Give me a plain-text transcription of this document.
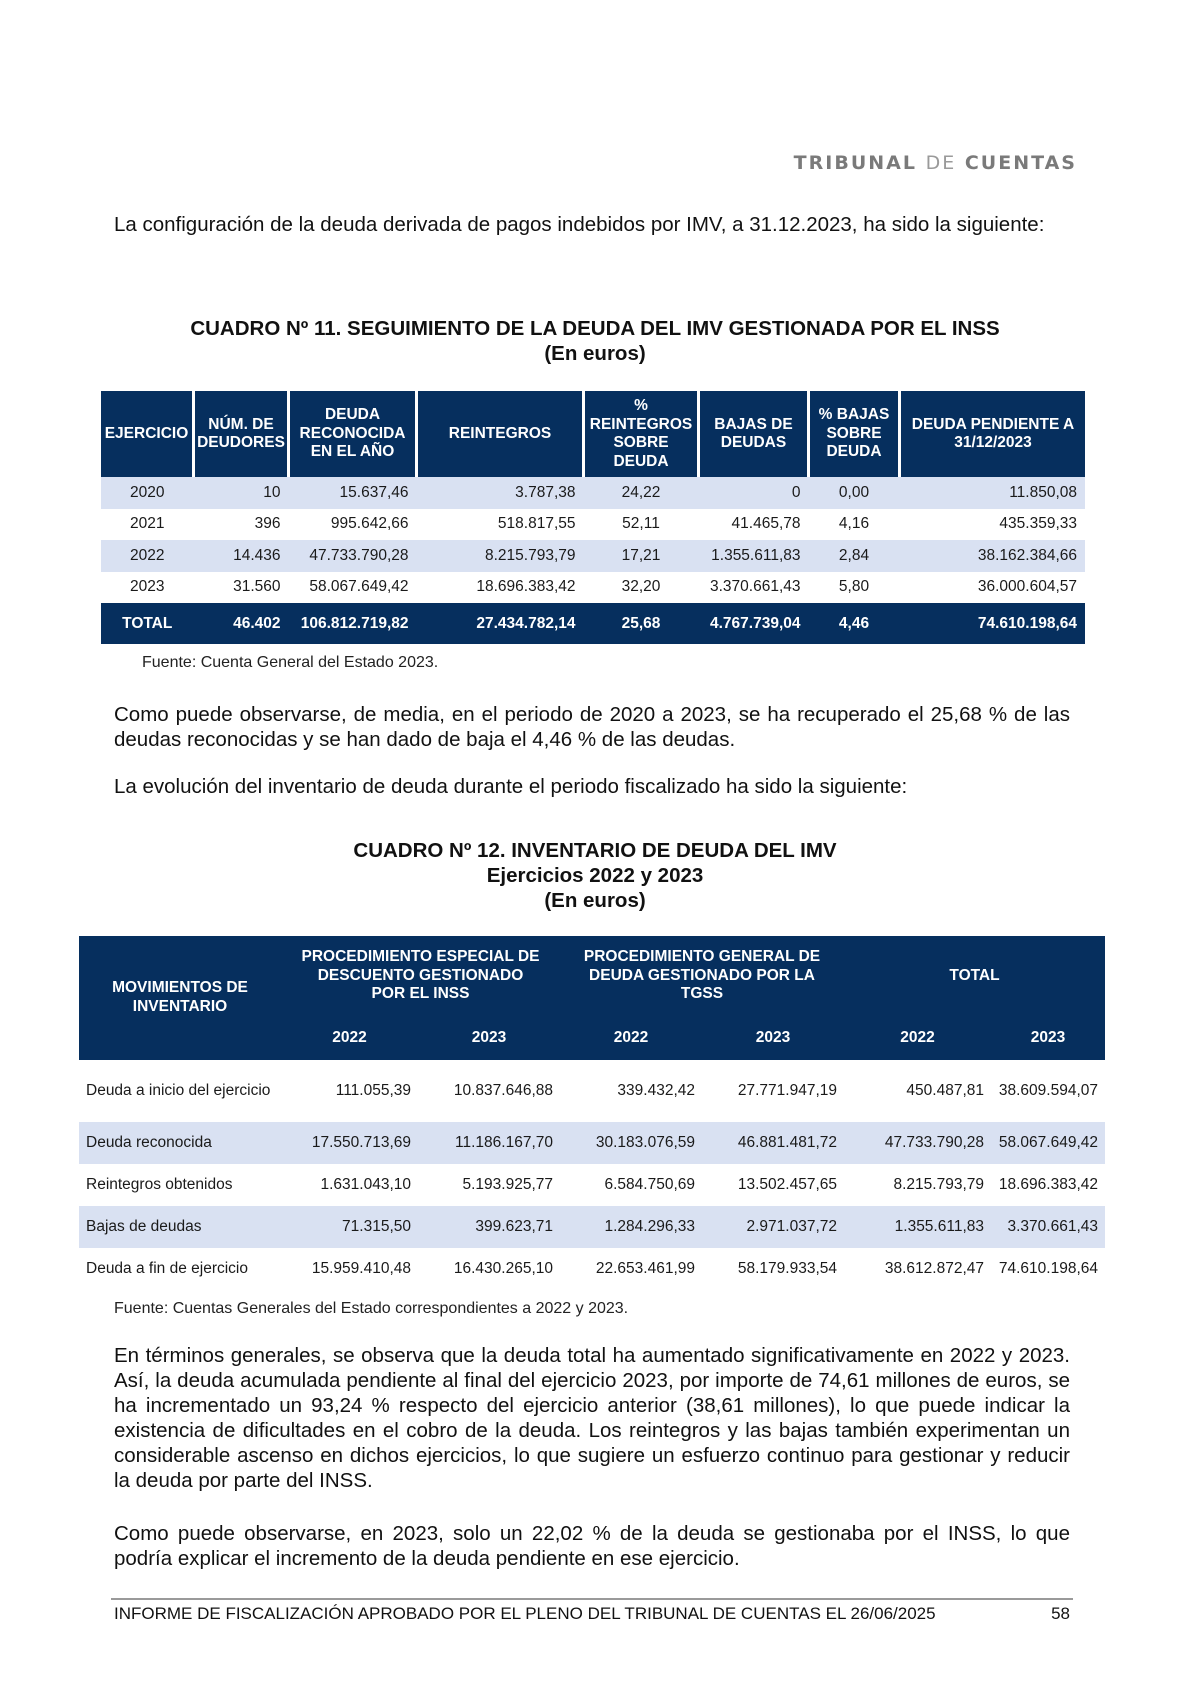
TRIBUNAL DE CUENTAS

La configuración de la deuda derivada de pagos indebidos por IMV, a 31.12.2023, ha sido la siguiente:

CUADRO Nº 11. SEGUIMIENTO DE LA DEUDA DEL IMV GESTIONADA POR EL INSS
(En euros)
EJERCICIO	NÚM. DE DEUDORES	DEUDA RECONOCIDA EN EL AÑO	REINTEGROS	% REINTEGROS SOBRE DEUDA	BAJAS DE DEUDAS	% BAJAS SOBRE DEUDA	DEUDA PENDIENTE A 31/12/2023
2020	10	15.637,46	3.787,38	24,22	0	0,00	11.850,08
2021	396	995.642,66	518.817,55	52,11	41.465,78	4,16	435.359,33
2022	14.436	47.733.790,28	8.215.793,79	17,21	1.355.611,83	2,84	38.162.384,66
2023	31.560	58.067.649,42	18.696.383,42	32,20	3.370.661,43	5,80	36.000.604,57
TOTAL	46.402	106.812.719,82	27.434.782,14	25,68	4.767.739,04	4,46	74.610.198,64
Fuente: Cuenta General del Estado 2023.

Como puede observarse, de media, en el periodo de 2020 a 2023, se ha recuperado el 25,68 % de las deudas reconocidas y se han dado de baja el 4,46 % de las deudas.

La evolución del inventario de deuda durante el periodo fiscalizado ha sido la siguiente:

CUADRO Nº 12. INVENTARIO DE DEUDA DEL IMV
Ejercicios 2022 y 2023
(En euros)
MOVIMIENTOS DE INVENTARIO	PROCEDIMIENTO ESPECIAL DE DESCUENTO GESTIONADO POR EL INSS		PROCEDIMIENTO GENERAL DE DEUDA GESTIONADO POR LA TGSS		TOTAL	
	2022	2023	2022	2023	2022	2023
Deuda a inicio del ejercicio	111.055,39	10.837.646,88	339.432,42	27.771.947,19	450.487,81	38.609.594,07
Deuda reconocida	17.550.713,69	11.186.167,70	30.183.076,59	46.881.481,72	47.733.790,28	58.067.649,42
Reintegros obtenidos	1.631.043,10	5.193.925,77	6.584.750,69	13.502.457,65	8.215.793,79	18.696.383,42
Bajas de deudas	71.315,50	399.623,71	1.284.296,33	2.971.037,72	1.355.611,83	3.370.661,43
Deuda a fin de ejercicio	15.959.410,48	16.430.265,10	22.653.461,99	58.179.933,54	38.612.872,47	74.610.198,64
Fuente: Cuentas Generales del Estado correspondientes a 2022 y 2023.

En términos generales, se observa que la deuda total ha aumentado significativamente en 2022 y 2023. Así, la deuda acumulada pendiente al final del ejercicio 2023, por importe de 74,61 millones de euros, se ha incrementado un 93,24 % respecto del ejercicio anterior (38,61 millones), lo que puede indicar la existencia de dificultades en el cobro de la deuda. Los reintegros y las bajas también experimentan un considerable ascenso en dichos ejercicios, lo que sugiere un esfuerzo continuo para gestionar y reducir la deuda por parte del INSS.

Como puede observarse, en 2023, solo un 22,02 % de la deuda se gestionaba por el INSS, lo que podría explicar el incremento de la deuda pendiente en ese ejercicio.

INFORME DE FISCALIZACIÓN APROBADO POR EL PLENO DEL TRIBUNAL DE CUENTAS EL 26/06/2025	58
